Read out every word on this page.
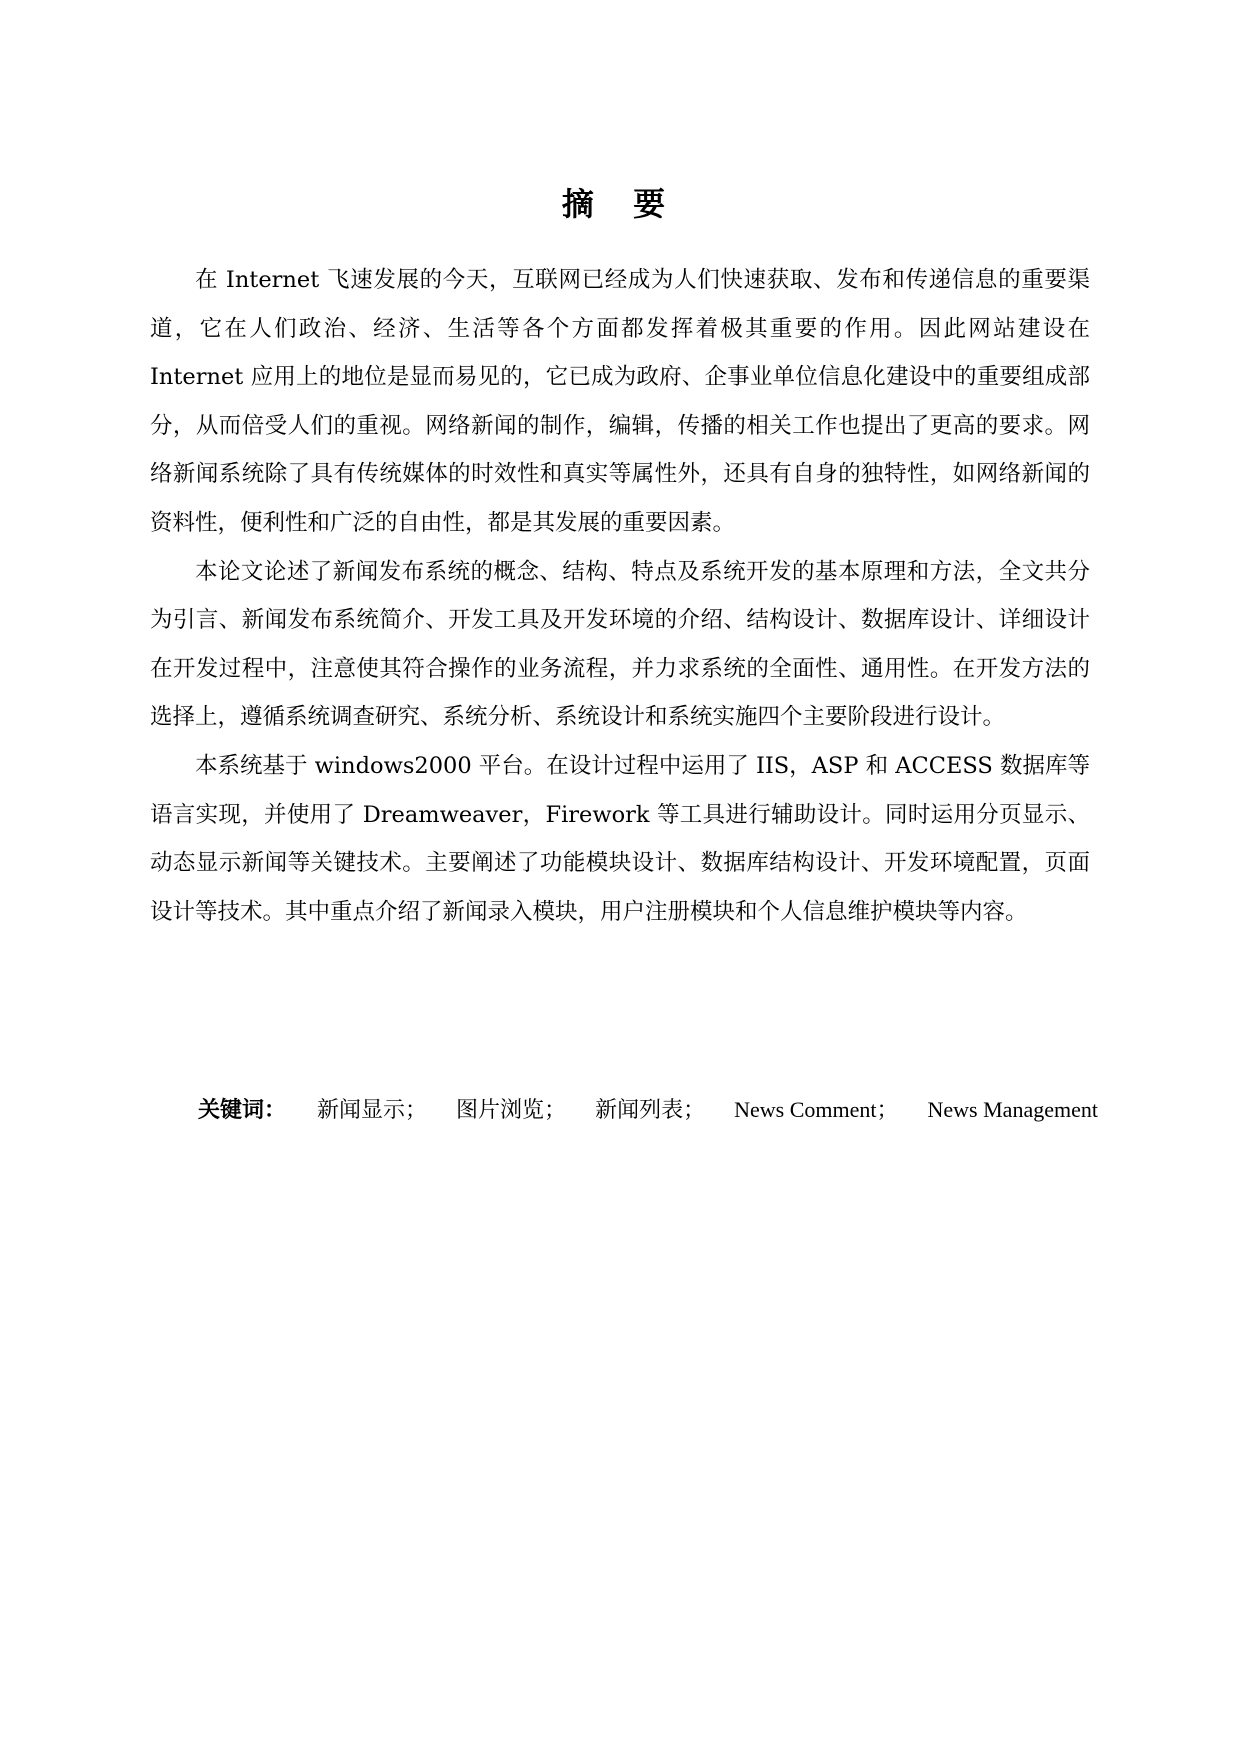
摘 要

在 Internet 飞速发展的今天，互联网已经成为人们快速获取、发布和传递信息的重要渠道，它在人们政治、经济、生活等各个方面都发挥着极其重要的作用。因此网站建设在 Internet 应用上的地位是显而易见的，它已成为政府、企事业单位信息化建设中的重要组成部分，从而倍受人们的重视。网络新闻的制作，编辑，传播的相关工作也提出了更高的要求。网络新闻系统除了具有传统媒体的时效性和真实等属性外，还具有自身的独特性，如网络新闻的资料性，便利性和广泛的自由性，都是其发展的重要因素。

本论文论述了新闻发布系统的概念、结构、特点及系统开发的基本原理和方法，全文共分为引言、新闻发布系统简介、开发工具及开发环境的介绍、结构设计、数据库设计、详细设计在开发过程中，注意使其符合操作的业务流程，并力求系统的全面性、通用性。在开发方法的选择上，遵循系统调查研究、系统分析、系统设计和系统实施四个主要阶段进行设计。

本系统基于 windows2000 平台。在设计过程中运用了 IIS，ASP 和 ACCESS 数据库等语言实现，并使用了 Dreamweaver，Firework 等工具进行辅助设计。同时运用分页显示、动态显示新闻等关键技术。主要阐述了功能模块设计、数据库结构设计、开发环境配置，页面设计等技术。其中重点介绍了新闻录入模块，用户注册模块和个人信息维护模块等内容。

关键词： 新闻显示； 图片浏览； 新闻列表； News Comment； News Management
